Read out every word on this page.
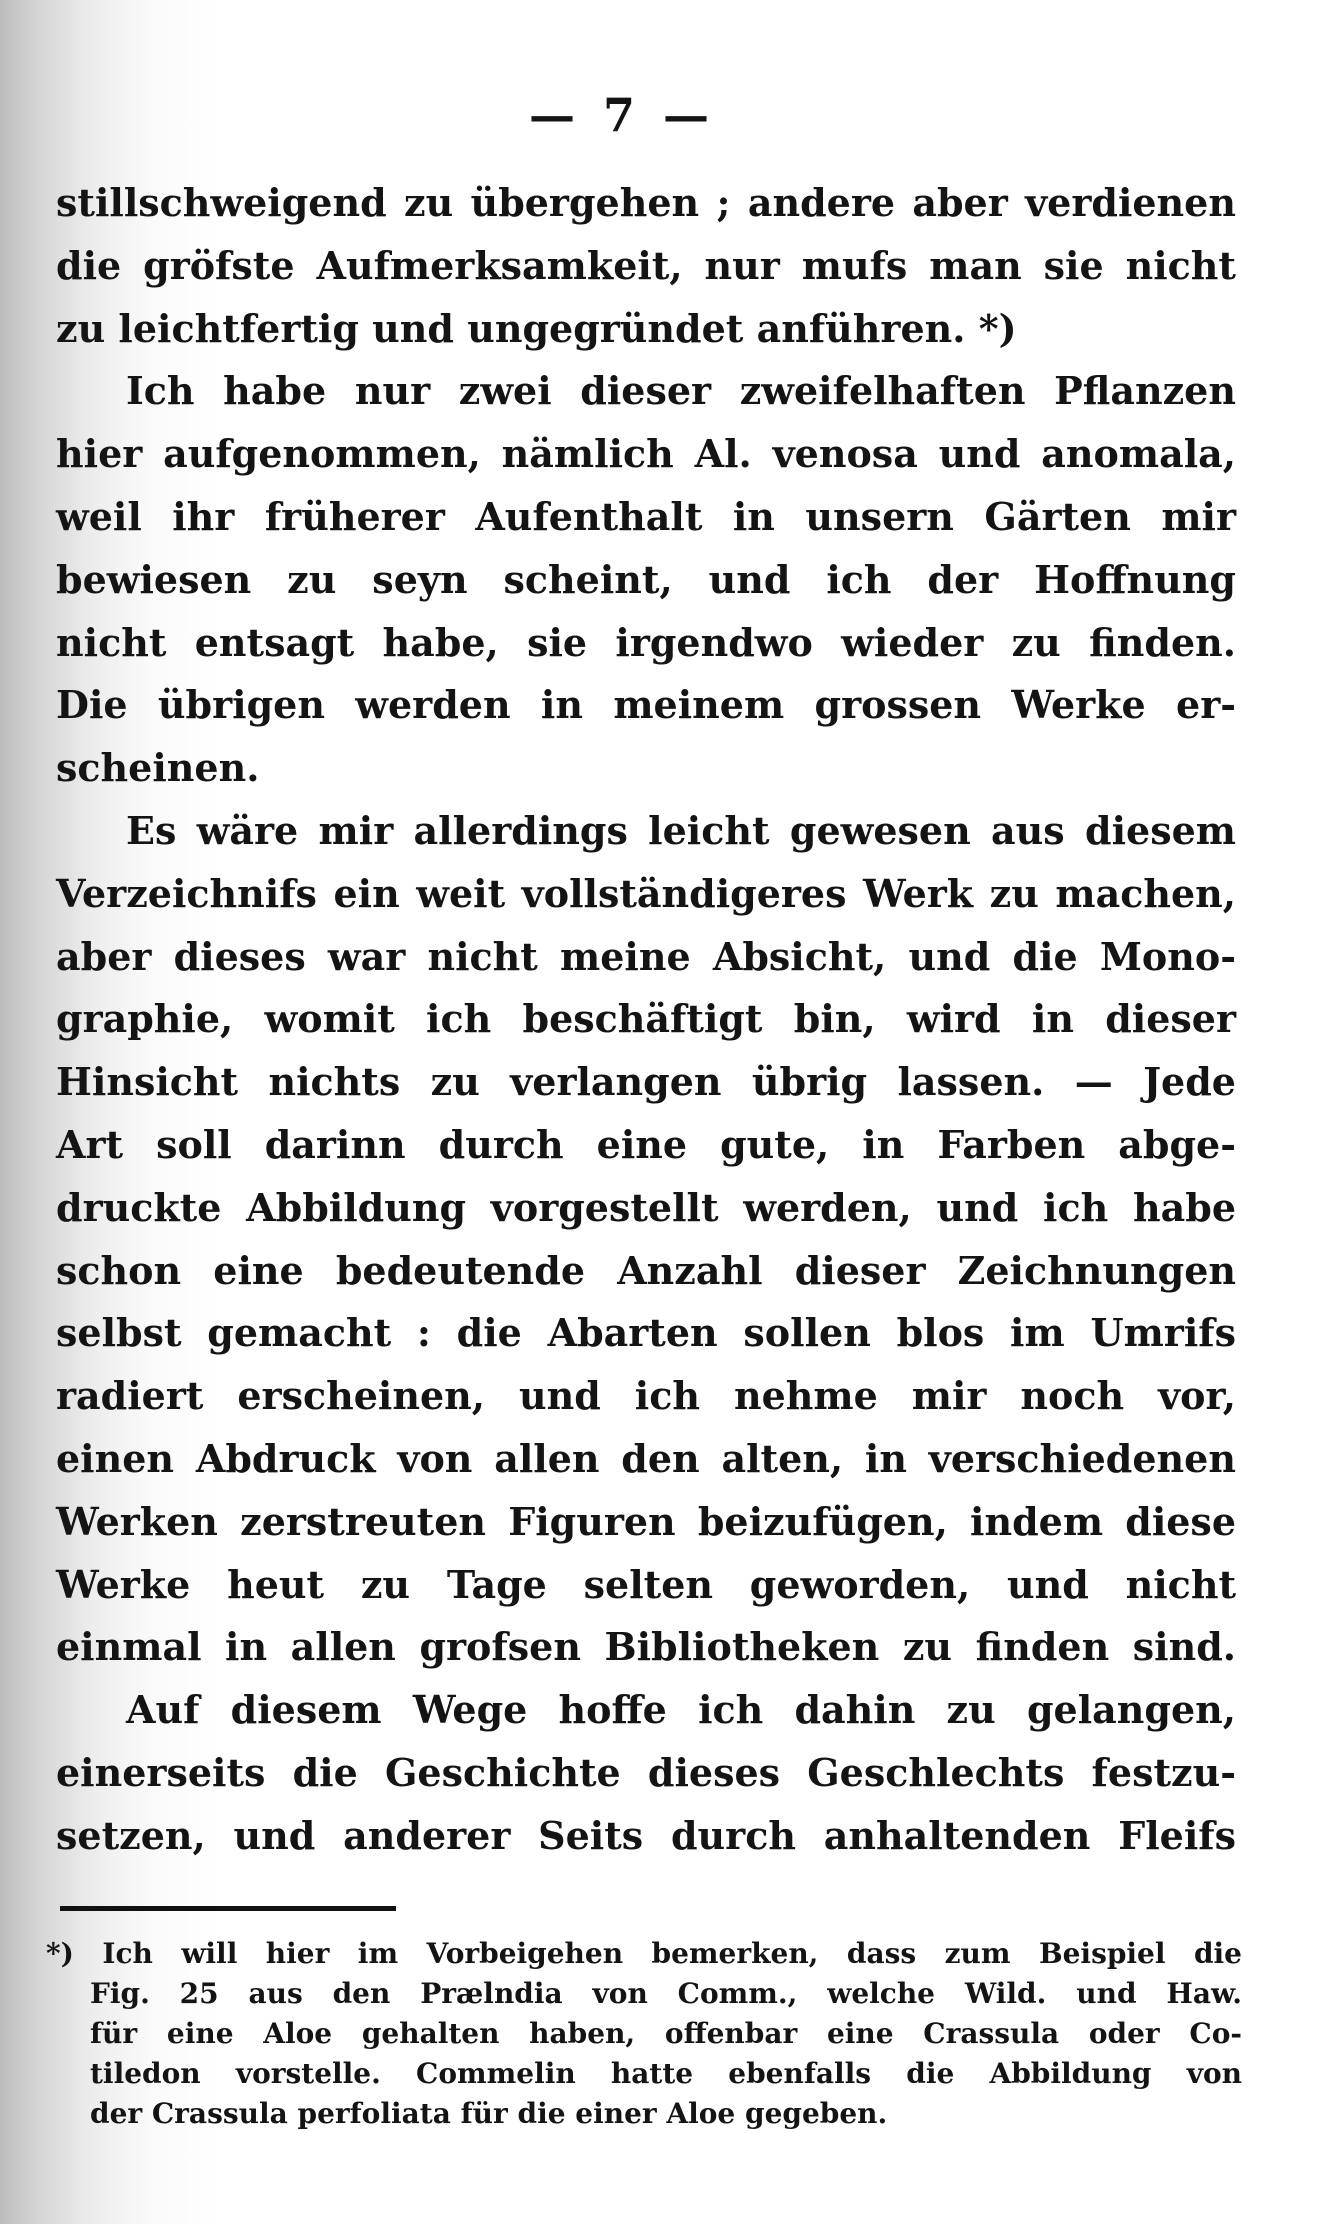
— 7 —
stillschweigend zu übergehen ; andere aber verdienen
die gröfste Aufmerksamkeit, nur mufs man sie nicht
zu leichtfertig und ungegründet anführen. *)
Ich habe nur zwei dieser zweifelhaften Pflanzen
hier aufgenommen, nämlich Al. venosa und anomala,
weil ihr früherer Aufenthalt in unsern Gärten mir
bewiesen zu seyn scheint, und ich der Hoffnung
nicht entsagt habe, sie irgendwo wieder zu finden.
Die übrigen werden in meinem grossen Werke er-
scheinen.
Es wäre mir allerdings leicht gewesen aus diesem
Verzeichnifs ein weit vollständigeres Werk zu machen,
aber dieses war nicht meine Absicht, und die Mono-
graphie, womit ich beschäftigt bin, wird in dieser
Hinsicht nichts zu verlangen übrig lassen. — Jede
Art soll darinn durch eine gute, in Farben abge-
druckte Abbildung vorgestellt werden, und ich habe
schon eine bedeutende Anzahl dieser Zeichnungen
selbst gemacht : die Abarten sollen blos im Umrifs
radiert erscheinen, und ich nehme mir noch vor,
einen Abdruck von allen den alten, in verschiedenen
Werken zerstreuten Figuren beizufügen, indem diese
Werke heut zu Tage selten geworden, und nicht
einmal in allen grofsen Bibliotheken zu finden sind.
Auf diesem Wege hoffe ich dahin zu gelangen,
einerseits die Geschichte dieses Geschlechts festzu-
setzen, und anderer Seits durch anhaltenden Fleifs
*) Ich will hier im Vorbeigehen bemerken, dass zum Beispiel die
Fig. 25 aus den Prælndia von Comm., welche Wild. und Haw.
für eine Aloe gehalten haben, offenbar eine Crassula oder Co-
tiledon vorstelle. Commelin hatte ebenfalls die Abbildung von
der Crassula perfoliata für die einer Aloe gegeben.
